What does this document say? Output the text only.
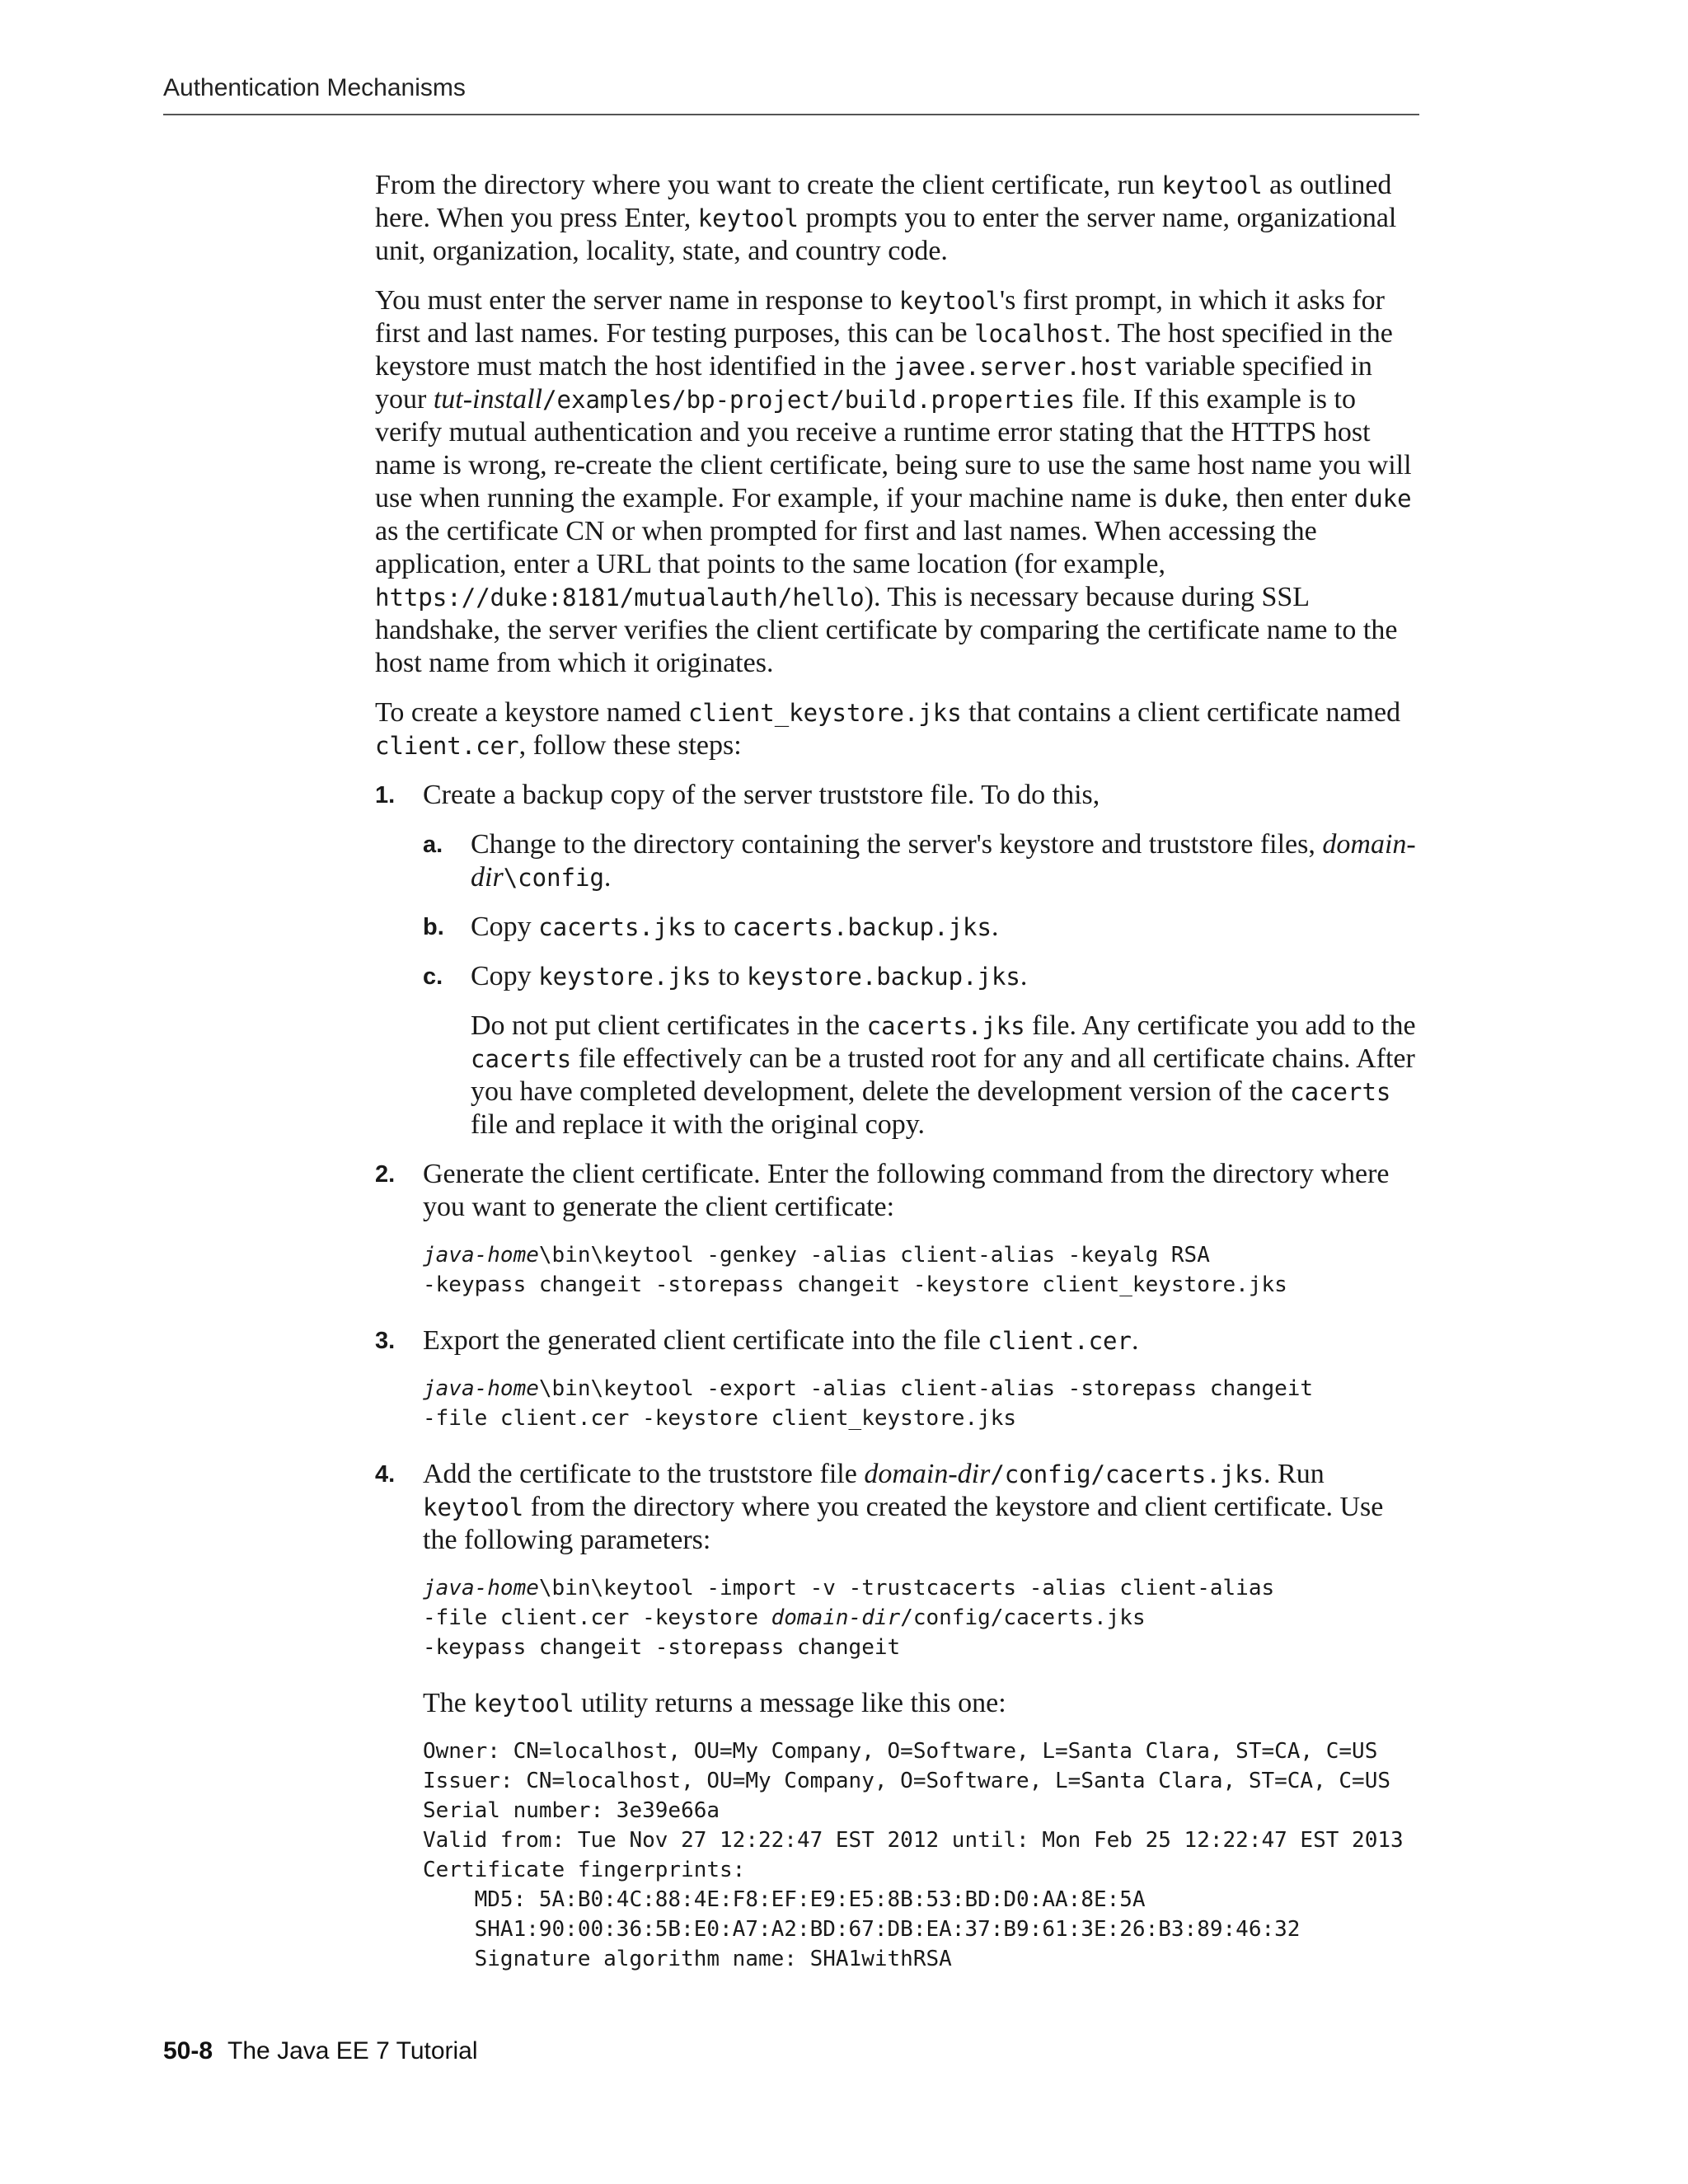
Authentication Mechanisms

From the directory where you want to create the client certificate, run keytool as outlined here. When you press Enter, keytool prompts you to enter the server name, organizational unit, organization, locality, state, and country code.

You must enter the server name in response to keytool's first prompt, in which it asks for first and last names. For testing purposes, this can be localhost. The host specified in the keystore must match the host identified in the javee.server.host variable specified in your tut-install/examples/bp-project/build.properties file. If this example is to verify mutual authentication and you receive a runtime error stating that the HTTPS host name is wrong, re-create the client certificate, being sure to use the same host name you will use when running the example. For example, if your machine name is duke, then enter duke as the certificate CN or when prompted for first and last names. When accessing the application, enter a URL that points to the same location (for example, https://duke:8181/mutualauth/hello). This is necessary because during SSL handshake, the server verifies the client certificate by comparing the certificate name to the host name from which it originates.

To create a keystore named client_keystore.jks that contains a client certificate named client.cer, follow these steps:

1. Create a backup copy of the server truststore file. To do this,
a. Change to the directory containing the server's keystore and truststore files, domain-dir\config.
b. Copy cacerts.jks to cacerts.backup.jks.
c. Copy keystore.jks to keystore.backup.jks.
Do not put client certificates in the cacerts.jks file. Any certificate you add to the cacerts file effectively can be a trusted root for any and all certificate chains. After you have completed development, delete the development version of the cacerts file and replace it with the original copy.
2. Generate the client certificate. Enter the following command from the directory where you want to generate the client certificate:
java-home\bin\keytool -genkey -alias client-alias -keyalg RSA
-keypass changeit -storepass changeit -keystore client_keystore.jks
3. Export the generated client certificate into the file client.cer.
java-home\bin\keytool -export -alias client-alias -storepass changeit
-file client.cer -keystore client_keystore.jks
4. Add the certificate to the truststore file domain-dir/config/cacerts.jks. Run keytool from the directory where you created the keystore and client certificate. Use the following parameters:
java-home\bin\keytool -import -v -trustcacerts -alias client-alias
-file client.cer -keystore domain-dir/config/cacerts.jks
-keypass changeit -storepass changeit

The keytool utility returns a message like this one:

Owner: CN=localhost, OU=My Company, O=Software, L=Santa Clara, ST=CA, C=US
Issuer: CN=localhost, OU=My Company, O=Software, L=Santa Clara, ST=CA, C=US
Serial number: 3e39e66a
Valid from: Tue Nov 27 12:22:47 EST 2012 until: Mon Feb 25 12:22:47 EST 2013
Certificate fingerprints:
MD5: 5A:B0:4C:88:4E:F8:EF:E9:E5:8B:53:BD:D0:AA:8E:5A
SHA1:90:00:36:5B:E0:A7:A2:BD:67:DB:EA:37:B9:61:3E:26:B3:89:46:32
Signature algorithm name: SHA1withRSA
50-8 The Java EE 7 Tutorial
